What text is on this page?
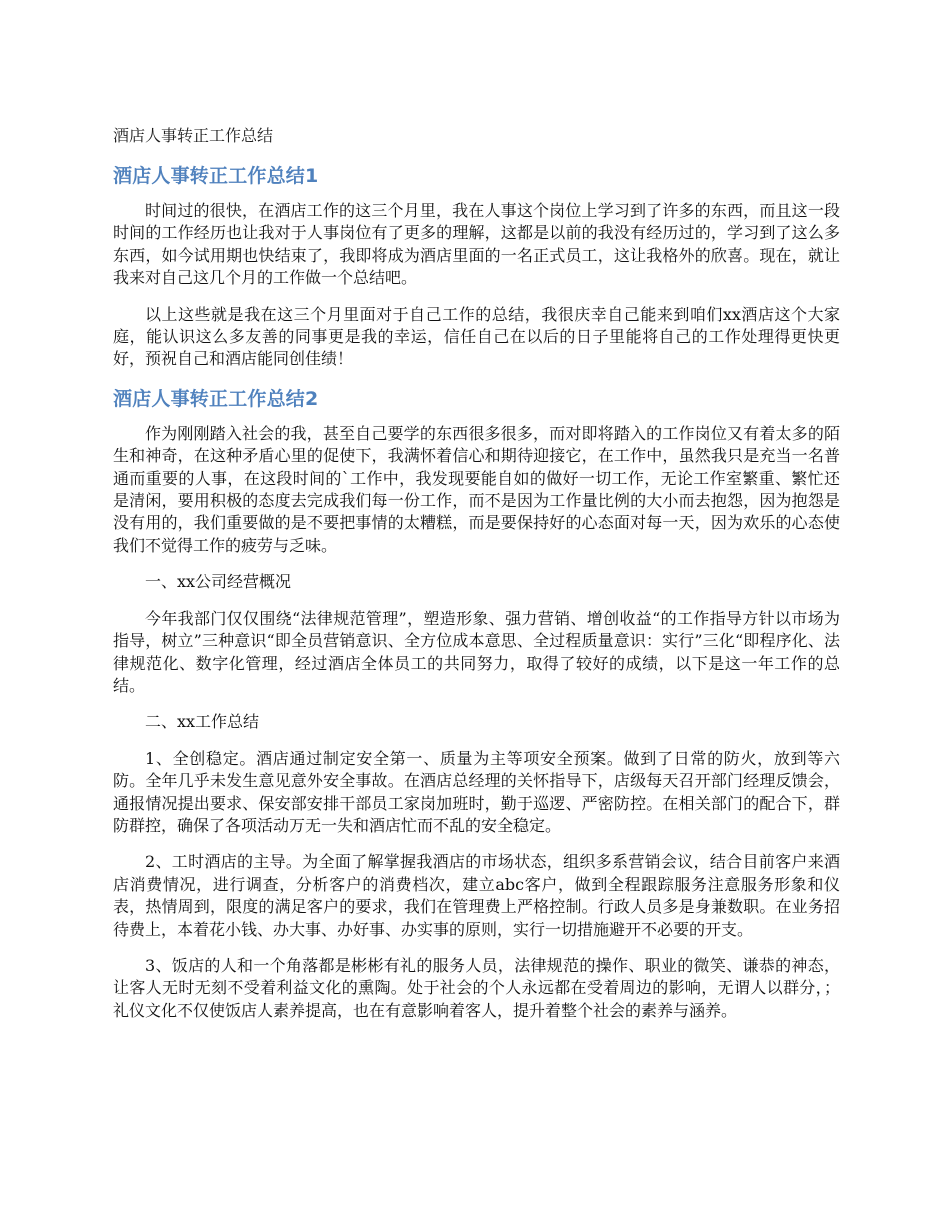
酒店人事转正工作总结
酒店人事转正工作总结1

时间过的很快，在酒店工作的这三个月里，我在人事这个岗位上学习到了许多的东西，而且这一段时间的工作经历也让我对于人事岗位有了更多的理解，这都是以前的我没有经历过的，学习到了这么多东西，如今试用期也快结束了，我即将成为酒店里面的一名正式员工，这让我格外的欣喜。现在，就让我来对自己这几个月的工作做一个总结吧。

以上这些就是我在这三个月里面对于自己工作的总结，我很庆幸自己能来到咱们xx酒店这个大家庭，能认识这么多友善的同事更是我的幸运，信任自己在以后的日子里能将自己的工作处理得更快更好，预祝自己和酒店能同创佳绩！

酒店人事转正工作总结2

作为刚刚踏入社会的我，甚至自己要学的东西很多很多，而对即将踏入的工作岗位又有着太多的陌生和神奇，在这种矛盾心里的促使下，我满怀着信心和期待迎接它，在工作中，虽然我只是充当一名普通而重要的人事，在这段时间的`工作中，我发现要能自如的做好一切工作，无论工作室繁重、繁忙还是清闲，要用积极的态度去完成我们每一份工作，而不是因为工作量比例的大小而去抱怨，因为抱怨是没有用的，我们重要做的是不要把事情的太糟糕，而是要保持好的心态面对每一天，因为欢乐的心态使我们不觉得工作的疲劳与乏味。

一、xx公司经营概况

今年我部门仅仅围绕“法律规范管理”，塑造形象、强力营销、增创收益“的工作指导方针以市场为指导，树立”三种意识“即全员营销意识、全方位成本意思、全过程质量意识：实行”三化“即程序化、法律规范化、数字化管理，经过酒店全体员工的共同努力，取得了较好的成绩，以下是这一年工作的总结。

二、xx工作总结

1、全创稳定。酒店通过制定安全第一、质量为主等项安全预案。做到了日常的防火，放到等六防。全年几乎未发生意见意外安全事故。在酒店总经理的关怀指导下，店级每天召开部门经理反馈会，通报情况提出要求、保安部安排干部员工家岗加班时，勤于巡逻、严密防控。在相关部门的配合下，群防群控，确保了各项活动万无一失和酒店忙而不乱的安全稳定。

2、工时酒店的主导。为全面了解掌握我酒店的市场状态，组织多系营销会议，结合目前客户来酒店消费情况，进行调查，分析客户的消费档次，建立abc客户，做到全程跟踪服务注意服务形象和仪表，热情周到，限度的满足客户的要求，我们在管理费上严格控制。行政人员多是身兼数职。在业务招待费上，本着花小钱、办大事、办好事、办实事的原则，实行一切措施避开不必要的开支。

3、饭店的人和一个角落都是彬彬有礼的服务人员，法律规范的操作、职业的微笑、谦恭的神态，让客人无时无刻不受着利益文化的熏陶。处于社会的个人永远都在受着周边的影响，无谓人以群分，；礼仪文化不仅使饭店人素养提高，也在有意影响着客人，提升着整个社会的素养与涵养。
